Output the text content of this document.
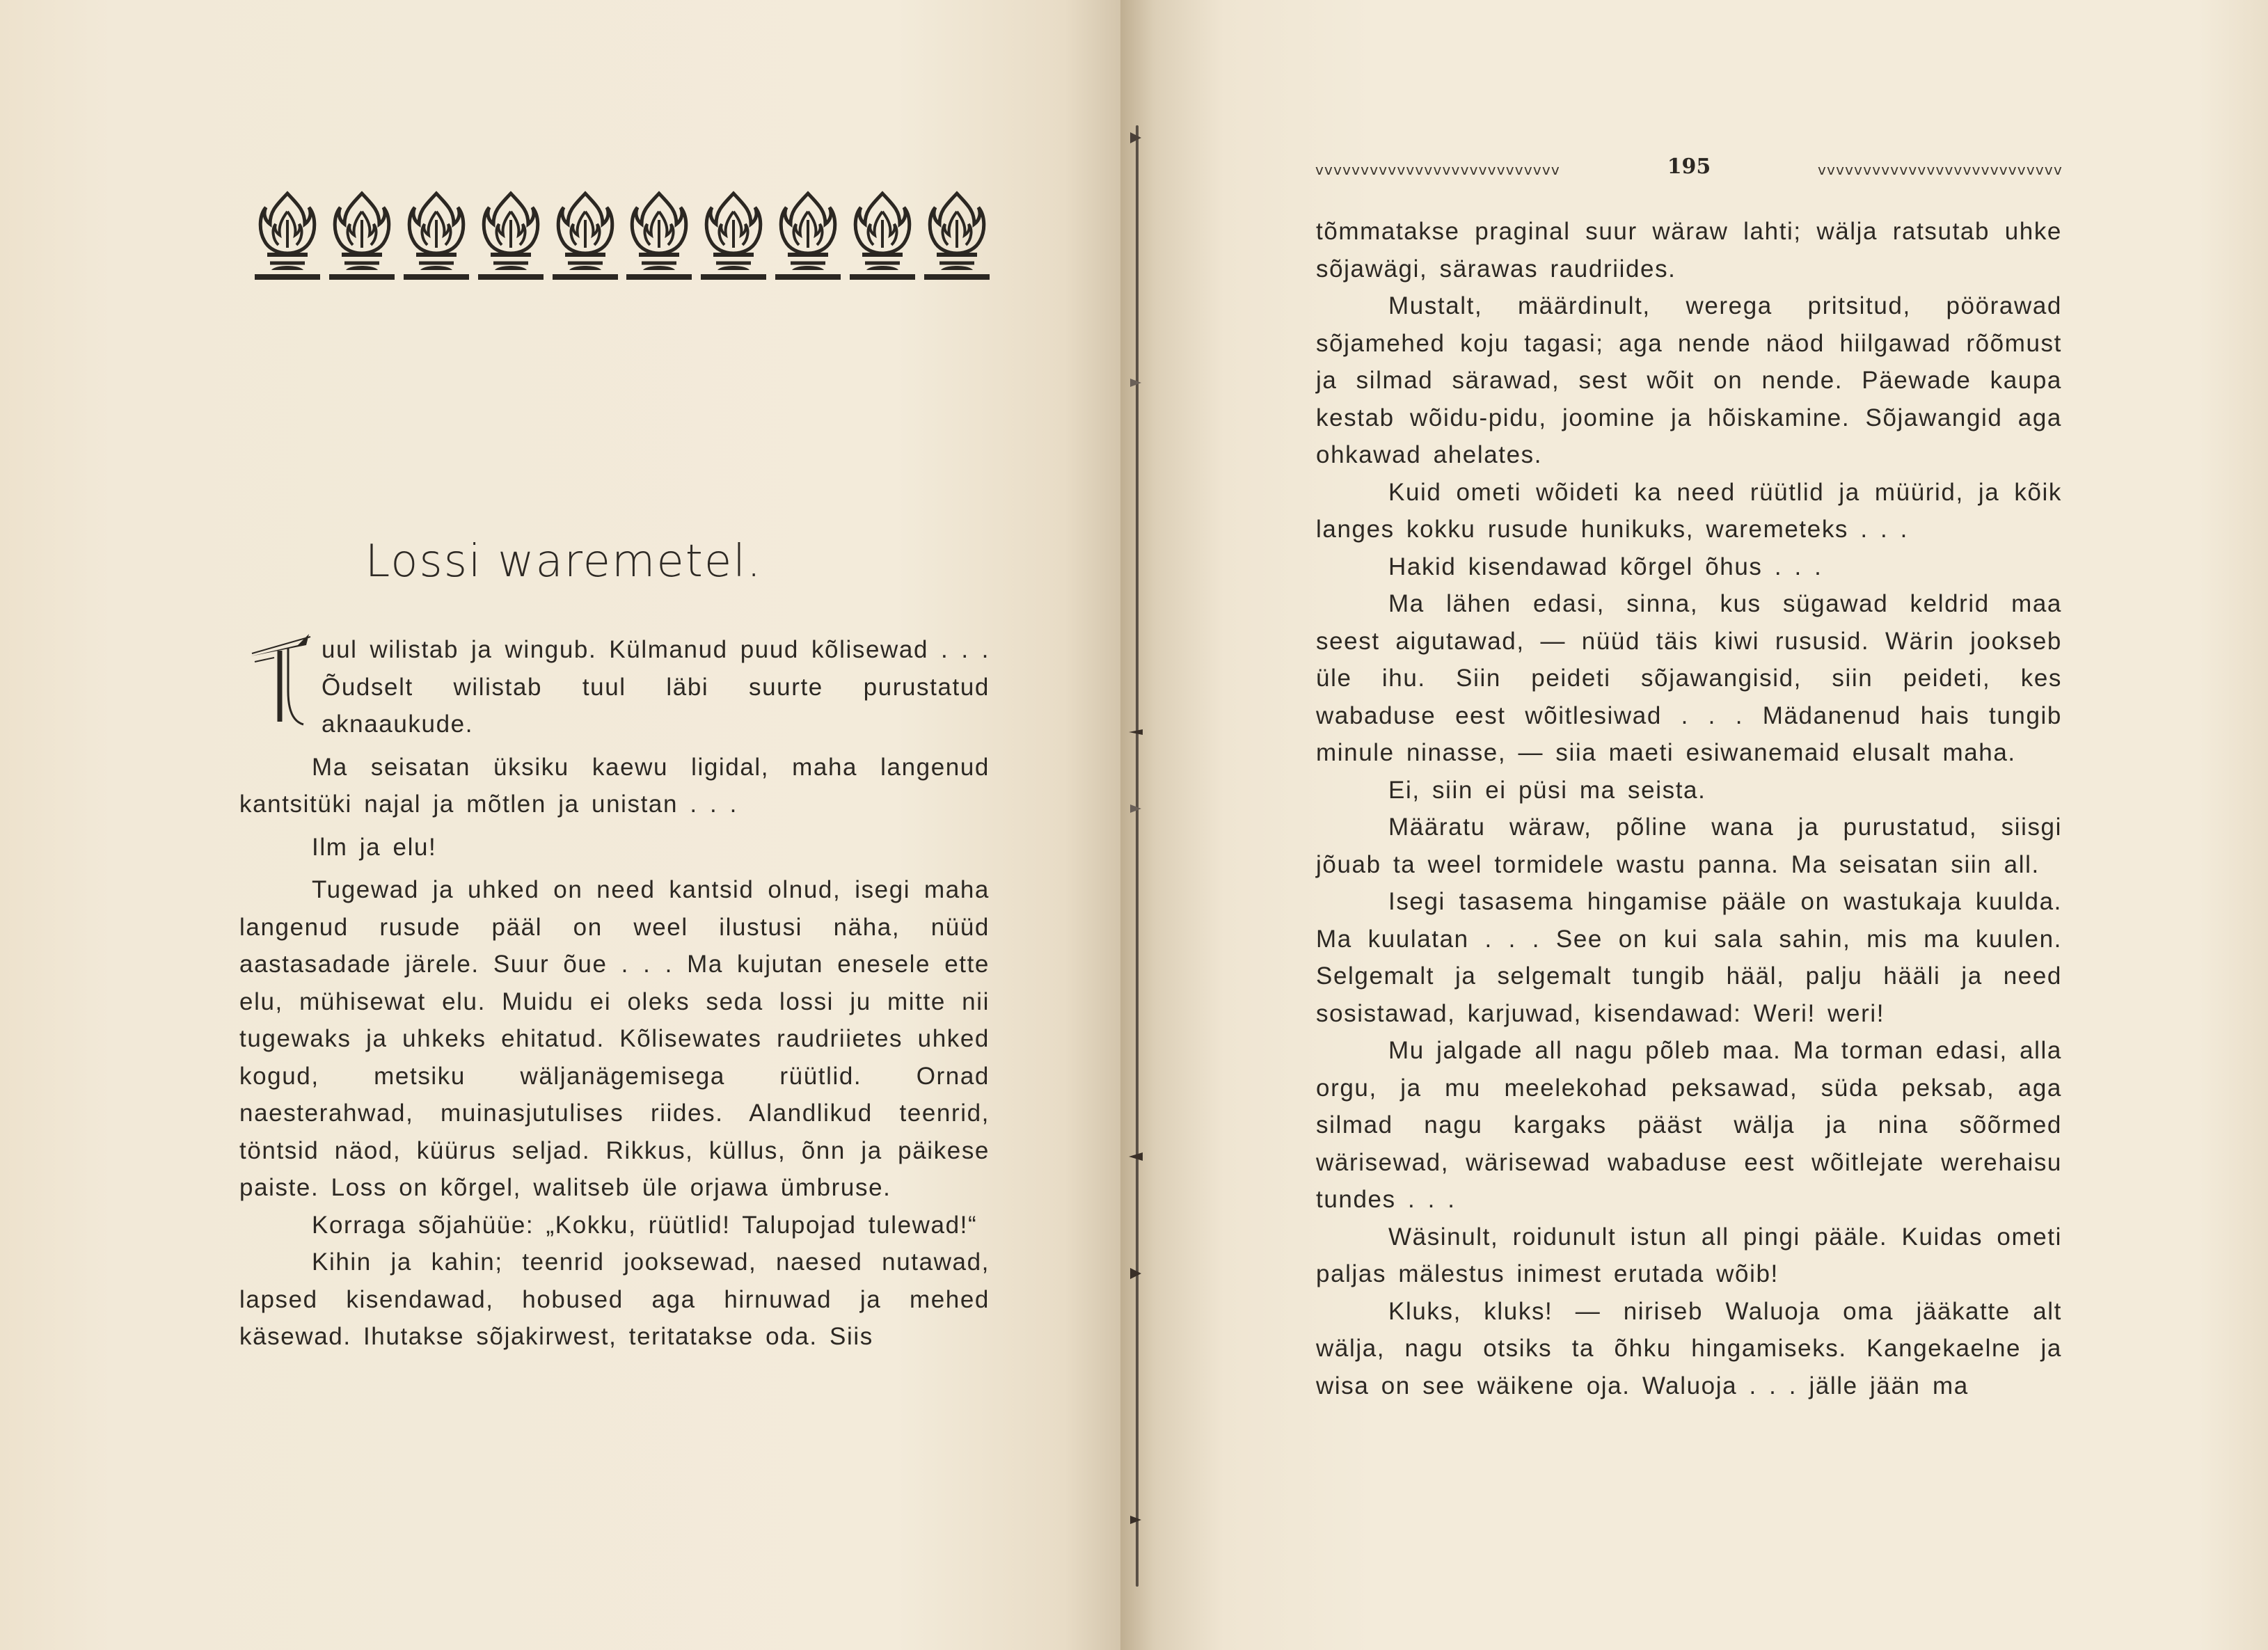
Lossi waremetel.

uul wilistab ja wingub. Külmanud puud kõlisewad . . . Õudselt wilistab tuul läbi suurte purustatud aknaaukude.

Ma seisatan üksiku kaewu ligidal, maha langenud kantsitüki najal ja mõtlen ja unistan . . .

Ilm ja elu!

Tugewad ja uhked on need kantsid olnud, isegi maha langenud rusude pääl on weel ilustusi näha, nüüd aastasadade järele. Suur õue . . . Ma kujutan enesele ette elu, mühisewat elu. Muidu ei oleks seda lossi ju mitte nii tugewaks ja uhkeks ehitatud. Kõlisewates raudriietes uhked kogud, metsiku wäljanägemisega rüütlid. Ornad naesterahwad, muinasjutulises riides. Alandlikud teenrid, töntsid näod, küürus seljad. Rikkus, küllus, õnn ja päikese paiste. Loss on kõrgel, walitseb üle orjawa ümbruse.

Korraga sõjahüüe: „Kokku, rüütlid! Talupojad tulewad!“

Kihin ja kahin; teenrid jooksewad, naesed nutawad, lapsed kisendawad, hobused aga hirnuwad ja mehed käsewad. Ihutakse sõjakirwest, teritatakse oda. Siis

vvvvvvvvvvvvvvvvvvvvvvvvvvv	195	vvvvvvvvvvvvvvvvvvvvvvvvvvv

tõmmatakse praginal suur wäraw lahti; wälja ratsutab uhke sõjawägi, särawas raudriides.

Mustalt, määrdinult, werega pritsitud, pöörawad sõjamehed koju tagasi; aga nende näod hiilgawad rõõmust ja silmad särawad, sest wõit on nende. Päewade kaupa kestab wõidu-pidu, joomine ja hõiskamine. Sõjawangid aga ohkawad ahelates.

Kuid ometi wõideti ka need rüütlid ja müürid, ja kõik langes kokku rusude hunikuks, waremeteks . . .

Hakid kisendawad kõrgel õhus . . .

Ma lähen edasi, sinna, kus sügawad keldrid maa seest aigutawad, — nüüd täis kiwi rususid. Wärin jookseb üle ihu. Siin peideti sõjawangisid, siin peideti, kes wabaduse eest wõitlesiwad . . . Mädanenud hais tungib minule ninasse, — siia maeti esiwanemaid elusalt maha.

Ei, siin ei püsi ma seista.

Määratu wäraw, põline wana ja purustatud, siisgi jõuab ta weel tormidele wastu panna. Ma seisatan siin all.

Isegi tasasema hingamise pääle on wastukaja kuulda. Ma kuulatan . . . See on kui sala sahin, mis ma kuulen. Selgemalt ja selgemalt tungib hääl, palju hääli ja need sosistawad, karjuwad, kisendawad: Weri! weri!

Mu jalgade all nagu põleb maa. Ma torman edasi, alla orgu, ja mu meelekohad peksawad, süda peksab, aga silmad nagu kargaks pääst wälja ja nina sõõrmed wärisewad, wärisewad wabaduse eest wõitlejate werehaisu tundes . . .

Wäsinult, roidunult istun all pingi pääle. Kuidas ometi paljas mälestus inimest erutada wõib!

Kluks, kluks! — niriseb Waluoja oma jääkatte alt wälja, nagu otsiks ta õhku hingamiseks. Kangekaelne ja wisa on see wäikene oja. Waluoja . . . jälle jään ma
